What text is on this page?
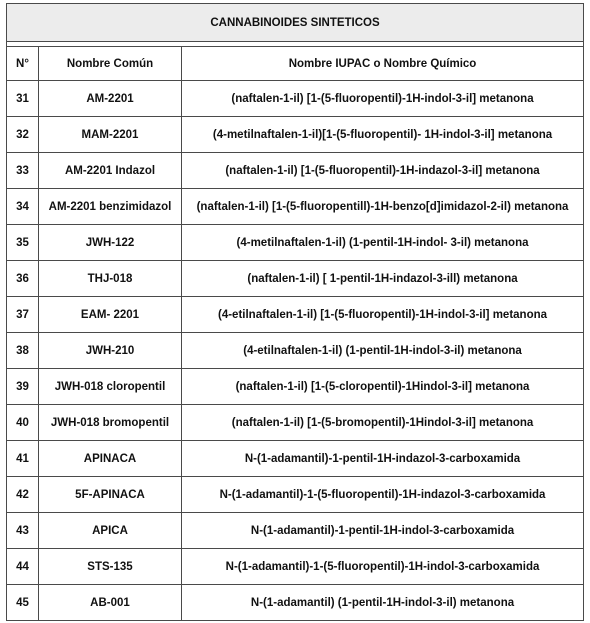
CANNABINOIDES SINTETICOS		

N°	Nombre Común	Nombre IUPAC o Nombre Químico
31	AM-2201	(naftalen-1-il) [1-(5-fluoropentil)-1H-indol-3-il] metanona
32	MAM-2201	(4-metilnaftalen-1-il)[1-(5-fluoropentil)- 1H-indol-3-il] metanona
33	AM-2201 Indazol	(naftalen-1-il) [1-(5-fluoropentil)-1H-indazol-3-il] metanona
34	AM-2201 benzimidazol	(naftalen-1-il) [1-(5-fluoropentill)-1H-benzo[d]imidazol-2-il) metanona
35	JWH-122	(4-metilnaftalen-1-il) (1-pentil-1H-indol- 3-il) metanona
36	THJ-018	(naftalen-1-il) [ 1-pentil-1H-indazol-3-ill) metanona
37	EAM- 2201	(4-etilnaftalen-1-il) [1-(5-fluoropentil)-1H-indol-3-il] metanona
38	JWH-210	(4-etilnaftalen-1-il) (1-pentil-1H-indol-3-il) metanona
39	JWH-018 cloropentil	(naftalen-1-il) [1-(5-cloropentil)-1Hindol-3-il] metanona
40	JWH-018 bromopentil	(naftalen-1-il) [1-(5-bromopentil)-1Hindol-3-il] metanona
41	APINACA	N-(1-adamantil)-1-pentil-1H-indazol-3-carboxamida
42	5F-APINACA	N-(1-adamantil)-1-(5-fluoropentil)-1H-indazol-3-carboxamida
43	APICA	N-(1-adamantil)-1-pentil-1H-indol-3-carboxamida
44	STS-135	N-(1-adamantil)-1-(5-fluoropentil)-1H-indol-3-carboxamida
45	AB-001	N-(1-adamantil) (1-pentil-1H-indol-3-il) metanona
